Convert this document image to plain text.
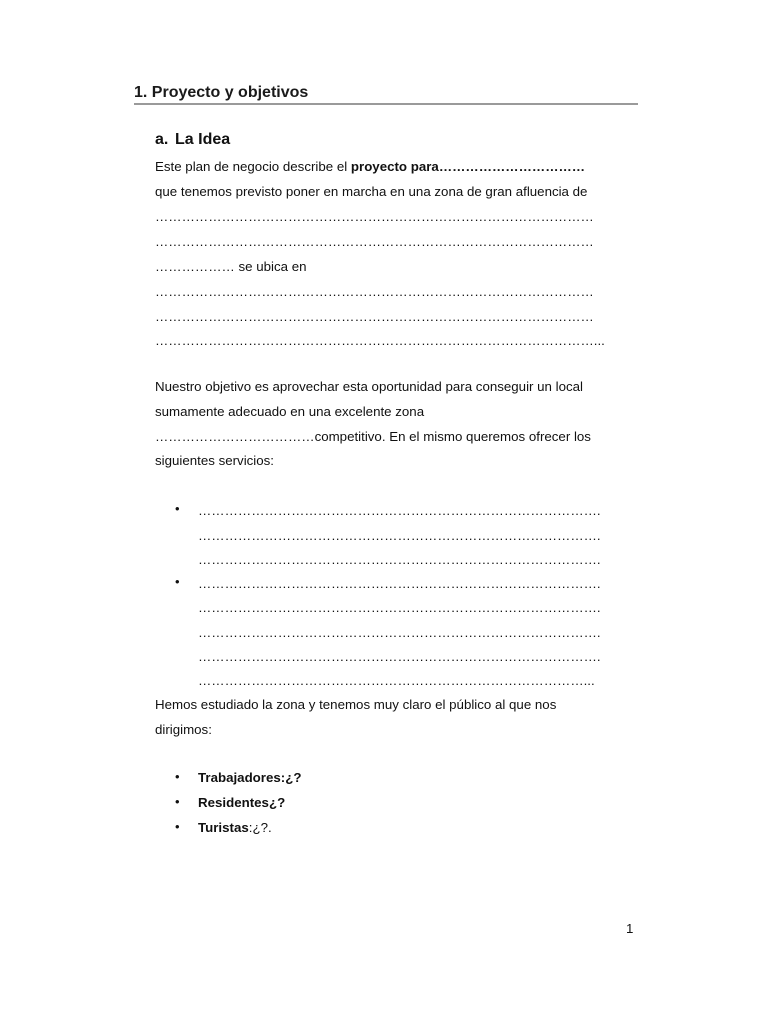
1. Proyecto y objetivos
a. La Idea
Este plan de negocio describe el proyecto para……………………………
que tenemos previsto poner en marcha en una zona de gran afluencia de
………………………………………………………………………………………
………………………………………………………………………………………
……………… se ubica en
………………………………………………………………………………………
………………………………………………………………………………………
………………………………………………………………………………………...
Nuestro objetivo es aprovechar esta oportunidad para conseguir un local
sumamente adecuado en una excelente zona
………………………………competitivo. En el mismo queremos ofrecer los
siguientes servicios:
• ……………………………………………………………………………….
……………………………………………………………………………….
……………………………………………………………………………….
• ……………………………………………………………………………….
……………………………………………………………………………….
……………………………………………………………………………….
……………………………………………………………………………….
……………………………………………………………………………...
Hemos estudiado la zona y tenemos muy claro el público al que nos
dirigimos:
• Trabajadores:¿?
• Residentes¿?
• Turistas:¿?.
1
